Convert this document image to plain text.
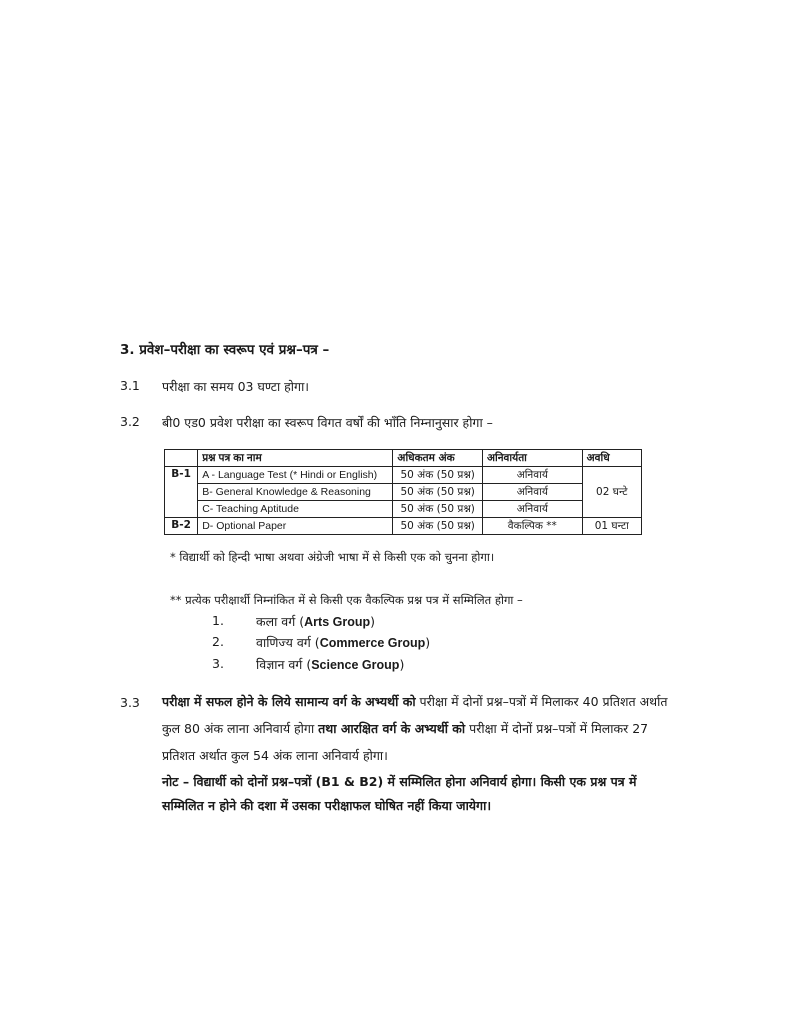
3. प्रवेश–परीक्षा का स्वरूप एवं प्रश्न–पत्र –
3.1 परीक्षा का समय 03 घण्टा होगा।
3.2 बी0 एड0 प्रवेश परीक्षा का स्वरूप विगत वर्षों की भाँति निम्नानुसार होगा –
	प्रश्न पत्र का नाम	अधिकतम अंक	अनिवार्यता	अवधि
B-1	A - Language Test (* Hindi or English)	50 अंक (50 प्रश्न)	अनिवार्य	02 घन्टे
	B- General Knowledge & Reasoning	50 अंक (50 प्रश्न)	अनिवार्य	
	C- Teaching Aptitude	50 अंक (50 प्रश्न)	अनिवार्य	
B-2	D- Optional Paper	50 अंक (50 प्रश्न)	वैकल्पिक **	01 घन्टा
* विद्यार्थी को हिन्दी भाषा अथवा अंग्रेजी भाषा में से किसी एक को चुनना होगा।
** प्रत्येक परीक्षार्थी निम्नांकित में से किसी एक वैकल्पिक प्रश्न पत्र में सम्मिलित होगा –
1.	कला वर्ग (Arts Group)
2.	वाणिज्य वर्ग (Commerce Group)
3.	विज्ञान वर्ग (Science Group)
3.3 परीक्षा में सफल होने के लिये सामान्य वर्ग के अभ्यर्थी को परीक्षा में दोनों प्रश्न–पत्रों में मिलाकर 40 प्रतिशत अर्थात कुल 80 अंक लाना अनिवार्य होगा तथा आरक्षित वर्ग के अभ्यर्थी को परीक्षा में दोनों प्रश्न–पत्रों में मिलाकर 27 प्रतिशत अर्थात कुल 54 अंक लाना अनिवार्य होगा।
नोट – विद्यार्थी को दोनों प्रश्न–पत्रों (B1 & B2) में सम्मिलित होना अनिवार्य होगा। किसी एक प्रश्न पत्र में सम्मिलित न होने की दशा में उसका परीक्षाफल घोषित नहीं किया जायेगा।
